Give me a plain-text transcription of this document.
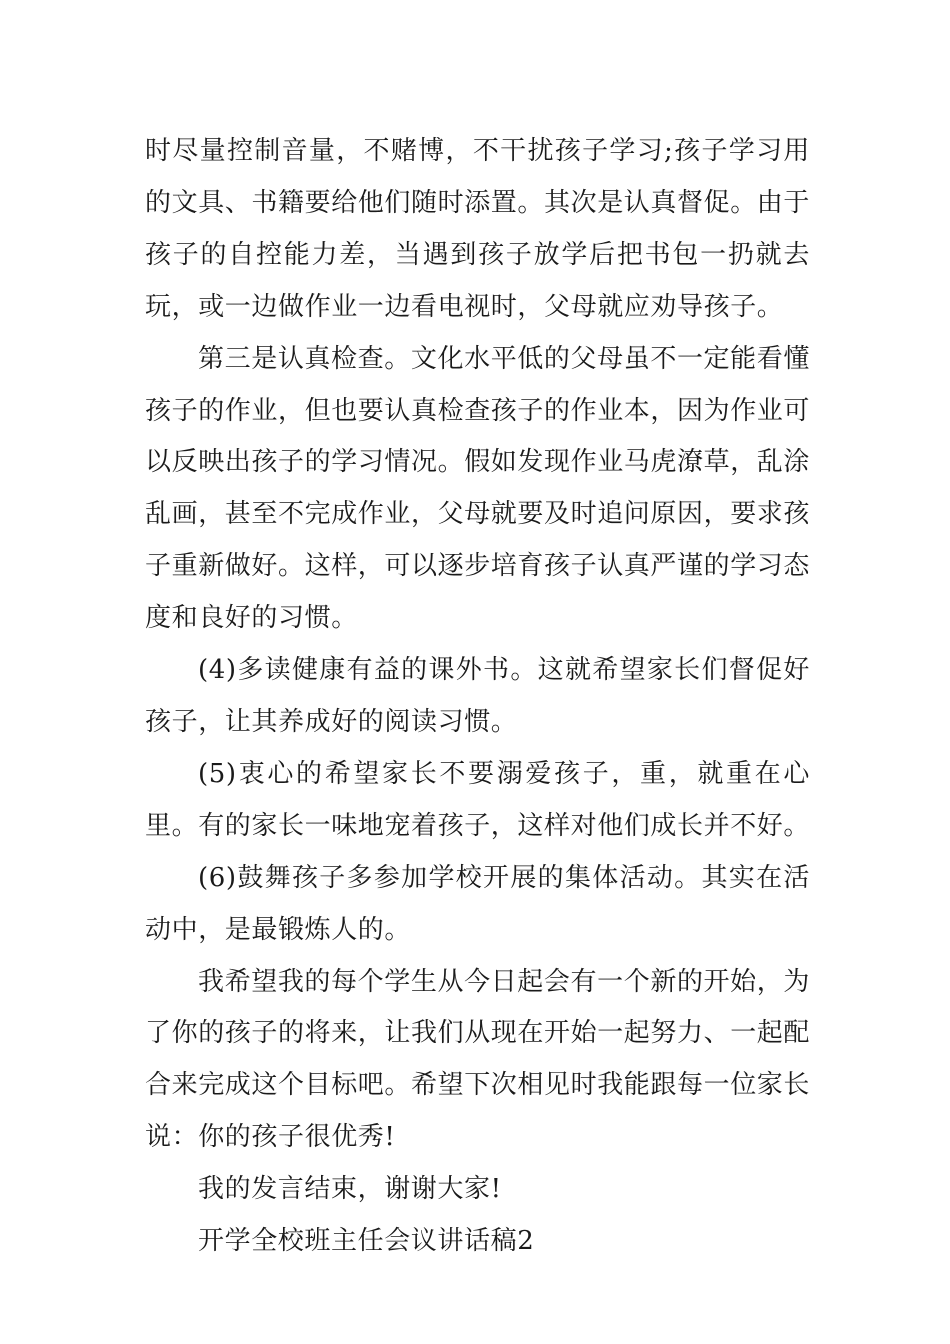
时尽量控制音量，不赌博，不干扰孩子学习;孩子学习用的文具、书籍要给他们随时添置。其次是认真督促。由于孩子的自控能力差，当遇到孩子放学后把书包一扔就去玩，或一边做作业一边看电视时，父母就应劝导孩子。

第三是认真检查。文化水平低的父母虽不一定能看懂孩子的作业，但也要认真检查孩子的作业本，因为作业可以反映出孩子的学习情况。假如发现作业马虎潦草，乱涂乱画，甚至不完成作业，父母就要及时追问原因，要求孩子重新做好。这样，可以逐步培育孩子认真严谨的学习态度和良好的习惯。

(4)多读健康有益的课外书。这就希望家长们督促好孩子，让其养成好的阅读习惯。

(5)衷心的希望家长不要溺爱孩子，重，就重在心里。有的家长一味地宠着孩子，这样对他们成长并不好。

(6)鼓舞孩子多参加学校开展的集体活动。其实在活动中，是最锻炼人的。

我希望我的每个学生从今日起会有一个新的开始，为了你的孩子的将来，让我们从现在开始一起努力、一起配合来完成这个目标吧。希望下次相见时我能跟每一位家长说：你的孩子很优秀!

我的发言结束，谢谢大家!

开学全校班主任会议讲话稿2
